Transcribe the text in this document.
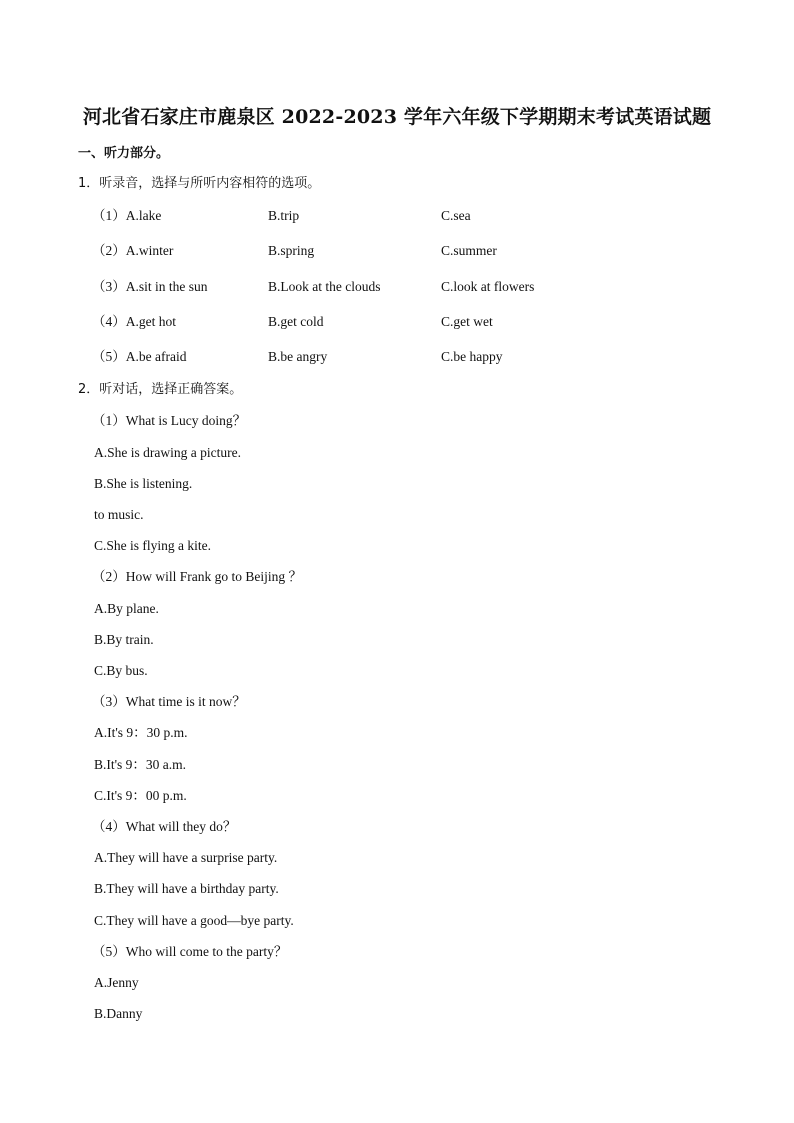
河北省石家庄市鹿泉区 2022-2023 学年六年级下学期期末考试英语试题
一、听力部分。
1．听录音，选择与所听内容相符的选项。
（1）A.lake	B.trip	C.sea
（2）A.winter	B.spring	C.summer
（3）A.sit in the sun	B.Look at the clouds	C.look at flowers
（4）A.get hot	B.get cold	C.get wet
（5）A.be afraid	B.be angry	C.be happy
2．听对话，选择正确答案。
（1）What is Lucy doing？
A.She is drawing a picture.
B.She is listening.
to music.
C.She is flying a kite.
（2）How will Frank go to Beijing ？
A.By plane.
B.By train.
C.By bus.
（3）What time is it now？
A.It's 9：30 p.m.
B.It's 9：30 a.m.
C.It's 9：00 p.m.
（4）What will they do？
A.They will have a surprise party.
B.They will have a birthday party.
C.They will have a good—bye party.
（5）Who will come to the party？
A.Jenny
B.Danny
